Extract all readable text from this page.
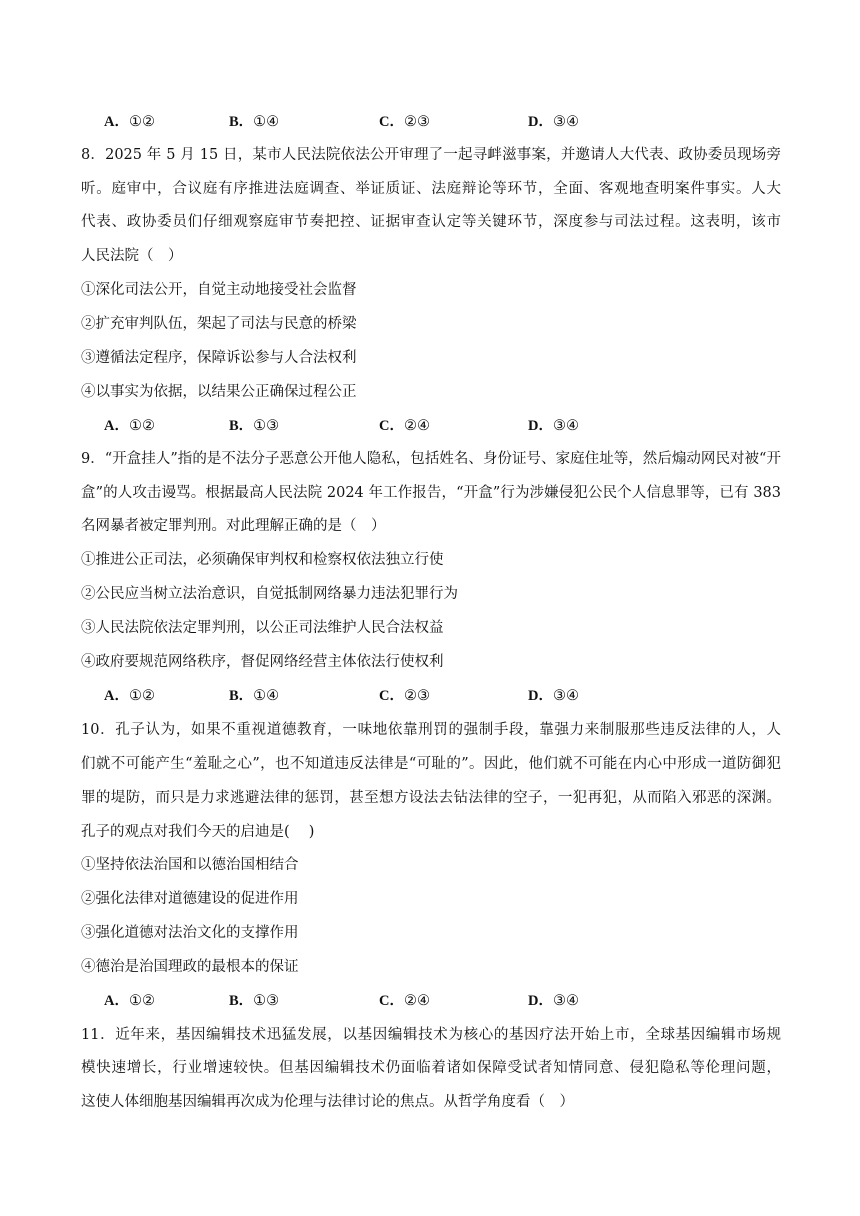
A．①②	B．①④	C．②③	D．③④
8．2025 年 5 月 15 日，某市人民法院依法公开审理了一起寻衅滋事案，并邀请人大代表、政协委员现场旁
听。庭审中，合议庭有序推进法庭调查、举证质证、法庭辩论等环节，全面、客观地查明案件事实。人大
代表、政协委员们仔细观察庭审节奏把控、证据审查认定等关键环节，深度参与司法过程。这表明，该市
人民法院（　）
①深化司法公开，自觉主动地接受社会监督
②扩充审判队伍，架起了司法与民意的桥梁
③遵循法定程序，保障诉讼参与人合法权利
④以事实为依据，以结果公正确保过程公正
A．①②	B．①③	C．②④	D．③④
9．“开盒挂人”指的是不法分子恶意公开他人隐私，包括姓名、身份证号、家庭住址等，然后煽动网民对被“开
盒”的人攻击谩骂。根据最高人民法院 2024 年工作报告，“开盒”行为涉嫌侵犯公民个人信息罪等，已有 383
名网暴者被定罪判刑。对此理解正确的是（　）
①推进公正司法，必须确保审判权和检察权依法独立行使
②公民应当树立法治意识，自觉抵制网络暴力违法犯罪行为
③人民法院依法定罪判刑，以公正司法维护人民合法权益
④政府要规范网络秩序，督促网络经营主体依法行使权利
A．①②	B．①④	C．②③	D．③④
10．孔子认为，如果不重视道德教育，一味地依靠刑罚的强制手段，靠强力来制服那些违反法律的人，人
们就不可能产生“羞耻之心”，也不知道违反法律是“可耻的”。因此，他们就不可能在内心中形成一道防御犯
罪的堤防，而只是力求逃避法律的惩罚，甚至想方设法去钻法律的空子，一犯再犯，从而陷入邪恶的深渊。
孔子的观点对我们今天的启迪是(　 )
①坚持依法治国和以德治国相结合
②强化法律对道德建设的促进作用
③强化道德对法治文化的支撑作用
④德治是治国理政的最根本的保证
A．①②	B．①③	C．②④	D．③④
11．近年来，基因编辑技术迅猛发展，以基因编辑技术为核心的基因疗法开始上市，全球基因编辑市场规
模快速增长，行业增速较快。但基因编辑技术仍面临着诸如保障受试者知情同意、侵犯隐私等伦理问题，
这使人体细胞基因编辑再次成为伦理与法律讨论的焦点。从哲学角度看（　）
